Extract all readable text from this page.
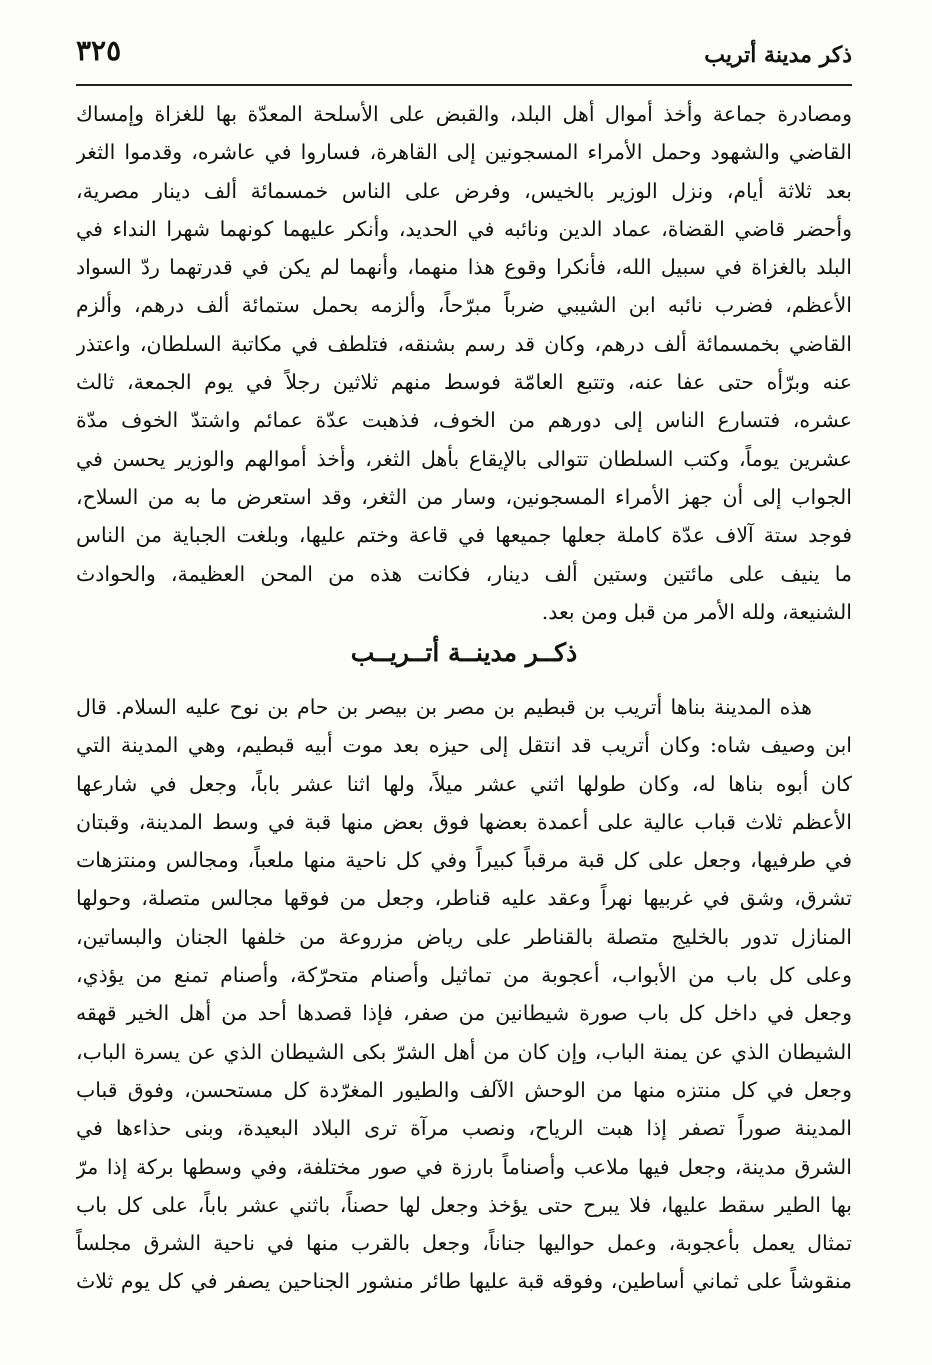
٣٢٥	ذكر مدينة أتريب
ومصادرة جماعة وأخذ أموال أهل البلد، والقبض على الأسلحة المعدّة بها للغزاة وإمساك
القاضي والشهود وحمل الأمراء المسجونين إلى القاهرة، فساروا في عاشره، وقدموا الثغر
بعد ثلاثة أيام، ونزل الوزير بالخيس، وفرض على الناس خمسمائة ألف دينار مصرية،
وأحضر قاضي القضاة، عماد الدين ونائبه في الحديد، وأنكر عليهما كونهما شهرا النداء في
البلد بالغزاة في سبيل الله، فأنكرا وقوع هذا منهما، وأنهما لم يكن في قدرتهما ردّ السواد
الأعظم، فضرب نائبه ابن الشيبي ضرباً مبرّحاً، وألزمه بحمل ستمائة ألف درهم، وألزم
القاضي بخمسمائة ألف درهم، وكان قد رسم بشنقه، فتلطف في مكاتبة السلطان، واعتذر
عنه وبرّأه حتى عفا عنه، وتتبع العامّة فوسط منهم ثلاثين رجلاً في يوم الجمعة، ثالث
عشره، فتسارع الناس إلى دورهم من الخوف، فذهبت عدّة عمائم واشتدّ الخوف مدّة
عشرين يوماً، وكتب السلطان تتوالى بالإيقاع بأهل الثغر، وأخذ أموالهم والوزير يحسن في
الجواب إلى أن جهز الأمراء المسجونين، وسار من الثغر، وقد استعرض ما به من السلاح،
فوجد ستة آلاف عدّة كاملة جعلها جميعها في قاعة وختم عليها، وبلغت الجباية من الناس
ما ينيف على مائتين وستين ألف دينار، فكانت هذه من المحن العظيمة، والحوادث
الشنيعة، ولله الأمر من قبل ومن بعد.
ذكــر مدينــة أتــريــب
هذه المدينة بناها أتريب بن قبطيم بن مصر بن بيصر بن حام بن نوح عليه السلام. قال
ابن وصيف شاه: وكان أتريب قد انتقل إلى حيزه بعد موت أبيه قبطيم، وهي المدينة التي
كان أبوه بناها له، وكان طولها اثني عشر ميلاً، ولها اثنا عشر باباً، وجعل في شارعها
الأعظم ثلاث قباب عالية على أعمدة بعضها فوق بعض منها قبة في وسط المدينة، وقبتان
في طرفيها، وجعل على كل قبة مرقباً كبيراً وفي كل ناحية منها ملعباً، ومجالس ومنتزهات
تشرق، وشق في غربيها نهراً وعقد عليه قناطر، وجعل من فوقها مجالس متصلة، وحولها
المنازل تدور بالخليج متصلة بالقناطر على رياض مزروعة من خلفها الجنان والبساتين،
وعلى كل باب من الأبواب، أعجوبة من تماثيل وأصنام متحرّكة، وأصنام تمنع من يؤذي،
وجعل في داخل كل باب صورة شيطانين من صفر، فإذا قصدها أحد من أهل الخير قهقه
الشيطان الذي عن يمنة الباب، وإن كان من أهل الشرّ بكى الشيطان الذي عن يسرة الباب،
وجعل في كل منتزه منها من الوحش الآلف والطيور المغرّدة كل مستحسن، وفوق قباب
المدينة صوراً تصفر إذا هبت الرياح، ونصب مرآة ترى البلاد البعيدة، وبنى حذاءها في
الشرق مدينة، وجعل فيها ملاعب وأصناماً بارزة في صور مختلفة، وفي وسطها بركة إذا مرّ
بها الطير سقط عليها، فلا يبرح حتى يؤخذ وجعل لها حصناً، باثني عشر باباً، على كل باب
تمثال يعمل بأعجوبة، وعمل حواليها جناناً، وجعل بالقرب منها في ناحية الشرق مجلساً
منقوشاً على ثماني أساطين، وفوقه قبة عليها طائر منشور الجناحين يصفر في كل يوم ثلاث
